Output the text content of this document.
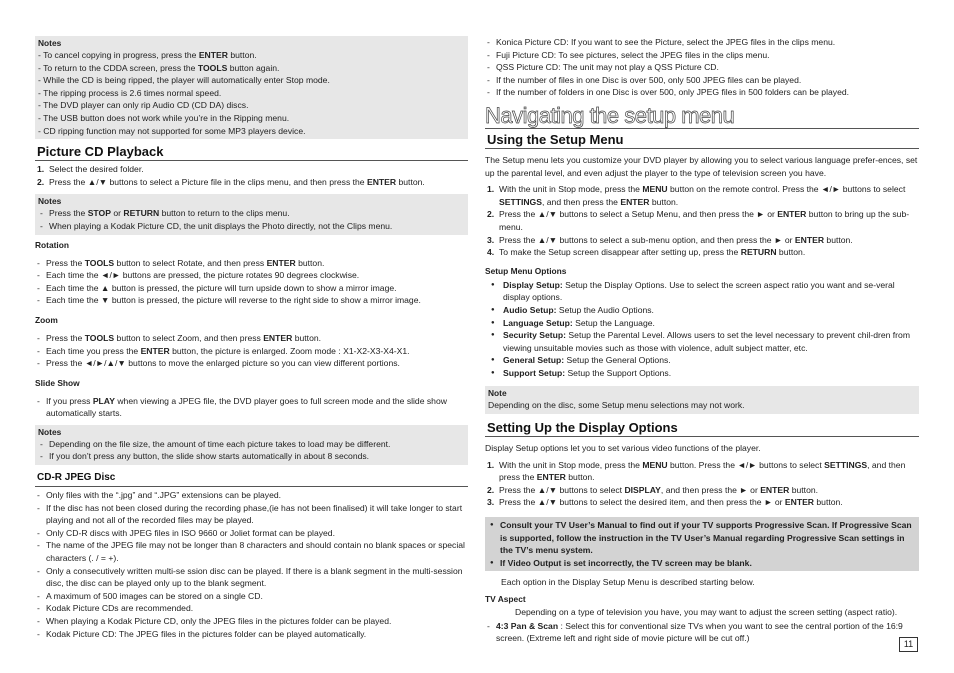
Notes
- To cancel copying in progress, press the ENTER button.
- To return to the CDDA screen, press the TOOLS button again.
- While the CD is being ripped, the player will automatically enter Stop mode.
- The ripping process is 2.6 times normal speed.
- The DVD player can only rip Audio CD (CD DA) discs.
- The USB button does not work while you’re in the Ripping menu.
- CD ripping function may not supported for some MP3 players device.
Picture CD Playback
1. Select the desired folder.
2. Press the ▲/▼ buttons to select a Picture file in the clips menu, and then press the ENTER button.
Notes
- Press the STOP or RETURN button to return to the clips menu.
- When playing a Kodak Picture CD, the unit displays the Photo directly, not the Clips menu.
Rotation
- Press the TOOLS button to select Rotate, and then press ENTER button.
- Each time the ◄/► buttons are pressed, the picture rotates 90 degrees clockwise.
- Each time the ▲ button is pressed, the picture will turn upside down to show a mirror image.
- Each time the ▼ button is pressed, the picture will reverse to the right side to show a mirror image.
Zoom
- Press the TOOLS button to select Zoom, and then press ENTER button.
- Each time you press the ENTER button, the picture is enlarged. Zoom mode : X1-X2-X3-X4-X1.
- Press the ◄/►/▲/▼ buttons to move the enlarged picture so you can view different portions.
Slide Show
- If you press PLAY when viewing a JPEG file, the DVD player goes to full screen mode and the slide show automatically starts.
Notes
- Depending on the file size, the amount of time each picture takes to load may be different.
- If you don’t press any button, the slide show starts automatically in about 8 seconds.
CD-R JPEG Disc
- Only files with the “.jpg” and “.JPG” extensions can be played.
- If the disc has not been closed during the recording phase,(ie has not been finalised) it will take longer to start playing and not all of the recorded files may be played.
- Only CD-R discs with JPEG files in ISO 9660 or Joliet format can be played.
- The name of the JPEG file may not be longer than 8 characters and should contain no blank spaces or special characters (. / = +).
- Only a consecutively written multi-se ssion disc can be played. If there is a blank segment in the multi-session disc, the disc can be played only up to the blank segment.
- A maximum of 500 images can be stored on a single CD.
- Kodak Picture CDs are recommended.
- When playing a Kodak Picture CD, only the JPEG files in the pictures folder can be played.
- Kodak Picture CD: The JPEG files in the pictures folder can be played automatically.
- Konica Picture CD: If you want to see the Picture, select the JPEG files in the clips menu.
- Fuji Picture CD: To see pictures, select the JPEG files in the clips menu.
- QSS Picture CD: The unit may not play a QSS Picture CD.
- If the number of files in one Disc is over 500, only 500 JPEG files can be played.
- If the number of folders in one Disc is over 500, only JPEG files in 500 folders can be played.
Navigating the setup menu
Using the Setup Menu

The Setup menu lets you customize your DVD player by allowing you to select various language prefer-ences, set up the parental level, and even adjust the player to the type of television screen you have.

1. With the unit in Stop mode, press the MENU button on the remote control. Press the ◄/► buttons to select SETTINGS, and then press the ENTER button.
2. Press the ▲/▼ buttons to select a Setup Menu, and then press the ► or ENTER button to bring up the sub-menu.
3. Press the ▲/▼ buttons to select a sub-menu option, and then press the ► or ENTER button.
4. To make the Setup screen disappear after setting up, press the RETURN button.
Setup Menu Options
● Display Setup: Setup the Display Options. Use to select the screen aspect ratio you want and se-veral display options.
● Audio Setup: Setup the Audio Options.
● Language Setup: Setup the Language.
● Security Setup: Setup the Parental Level. Allows users to set the level necessary to prevent chil-dren from viewing unsuitable movies such as those with violence, adult subject matter, etc.
● General Setup: Setup the General Options.
● Support Setup: Setup the Support Options.
Note
Depending on the disc, some Setup menu selections may not work.
Setting Up the Display Options

Display Setup options let you to set various video functions of the player.

1. With the unit in Stop mode, press the MENU button. Press the ◄/► buttons to select SETTINGS, and then press the ENTER button.
2. Press the ▲/▼ buttons to select DISPLAY, and then press the ► or ENTER button.
3. Press the ▲/▼ buttons to select the desired item, and then press the ► or ENTER button.
● Consult your TV User’s Manual to find out if your TV supports Progressive Scan. If Progressive Scan is supported, follow the instruction in the TV User’s Manual regarding Progressive Scan settings in the TV’s menu system.
● If Video Output is set incorrectly, the TV screen may be blank.

Each option in the Display Setup Menu is described starting below.

TV Aspect

Depending on a type of television you have, you may want to adjust the screen setting (aspect ratio).

- 4:3 Pan & Scan : Select this for conventional size TVs when you want to see the central portion of the 16:9 screen. (Extreme left and right side of movie picture will be cut off.)
11
